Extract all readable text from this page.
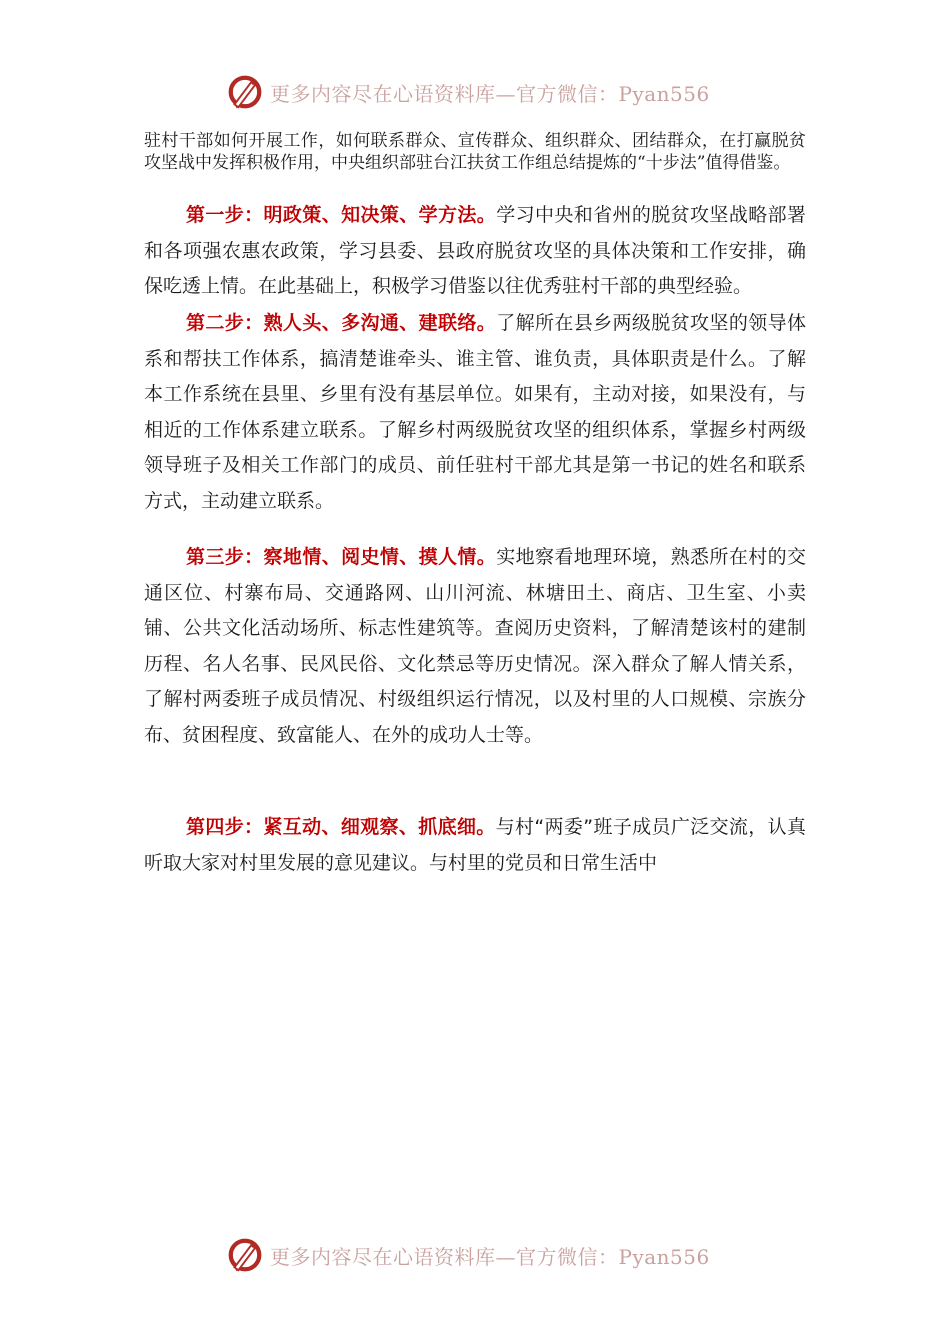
更多内容尽在心语资料库—官方微信：Pyan556

驻村干部如何开展工作，如何联系群众、宣传群众、组织群众、团结群众，在打赢脱贫攻坚战中发挥积极作用，中央组织部驻台江扶贫工作组总结提炼的“十步法”值得借鉴。

第一步：明政策、知决策、学方法。学习中央和省州的脱贫攻坚战略部署和各项强农惠农政策，学习县委、县政府脱贫攻坚的具体决策和工作安排，确保吃透上情。在此基础上，积极学习借鉴以往优秀驻村干部的典型经验。

第二步：熟人头、多沟通、建联络。了解所在县乡两级脱贫攻坚的领导体系和帮扶工作体系，搞清楚谁牵头、谁主管、谁负责，具体职责是什么。了解本工作系统在县里、乡里有没有基层单位。如果有，主动对接，如果没有，与相近的工作体系建立联系。了解乡村两级脱贫攻坚的组织体系，掌握乡村两级领导班子及相关工作部门的成员、前任驻村干部尤其是第一书记的姓名和联系方式，主动建立联系。

第三步：察地情、阅史情、摸人情。实地察看地理环境，熟悉所在村的交通区位、村寨布局、交通路网、山川河流、林塘田土、商店、卫生室、小卖铺、公共文化活动场所、标志性建筑等。查阅历史资料，了解清楚该村的建制历程、名人名事、民风民俗、文化禁忌等历史情况。深入群众了解人情关系，了解村两委班子成员情况、村级组织运行情况，以及村里的人口规模、宗族分布、贫困程度、致富能人、在外的成功人士等。

第四步：紧互动、细观察、抓底细。与村“两委”班子成员广泛交流，认真听取大家对村里发展的意见建议。与村里的党员和日常生活中

更多内容尽在心语资料库—官方微信：Pyan556
